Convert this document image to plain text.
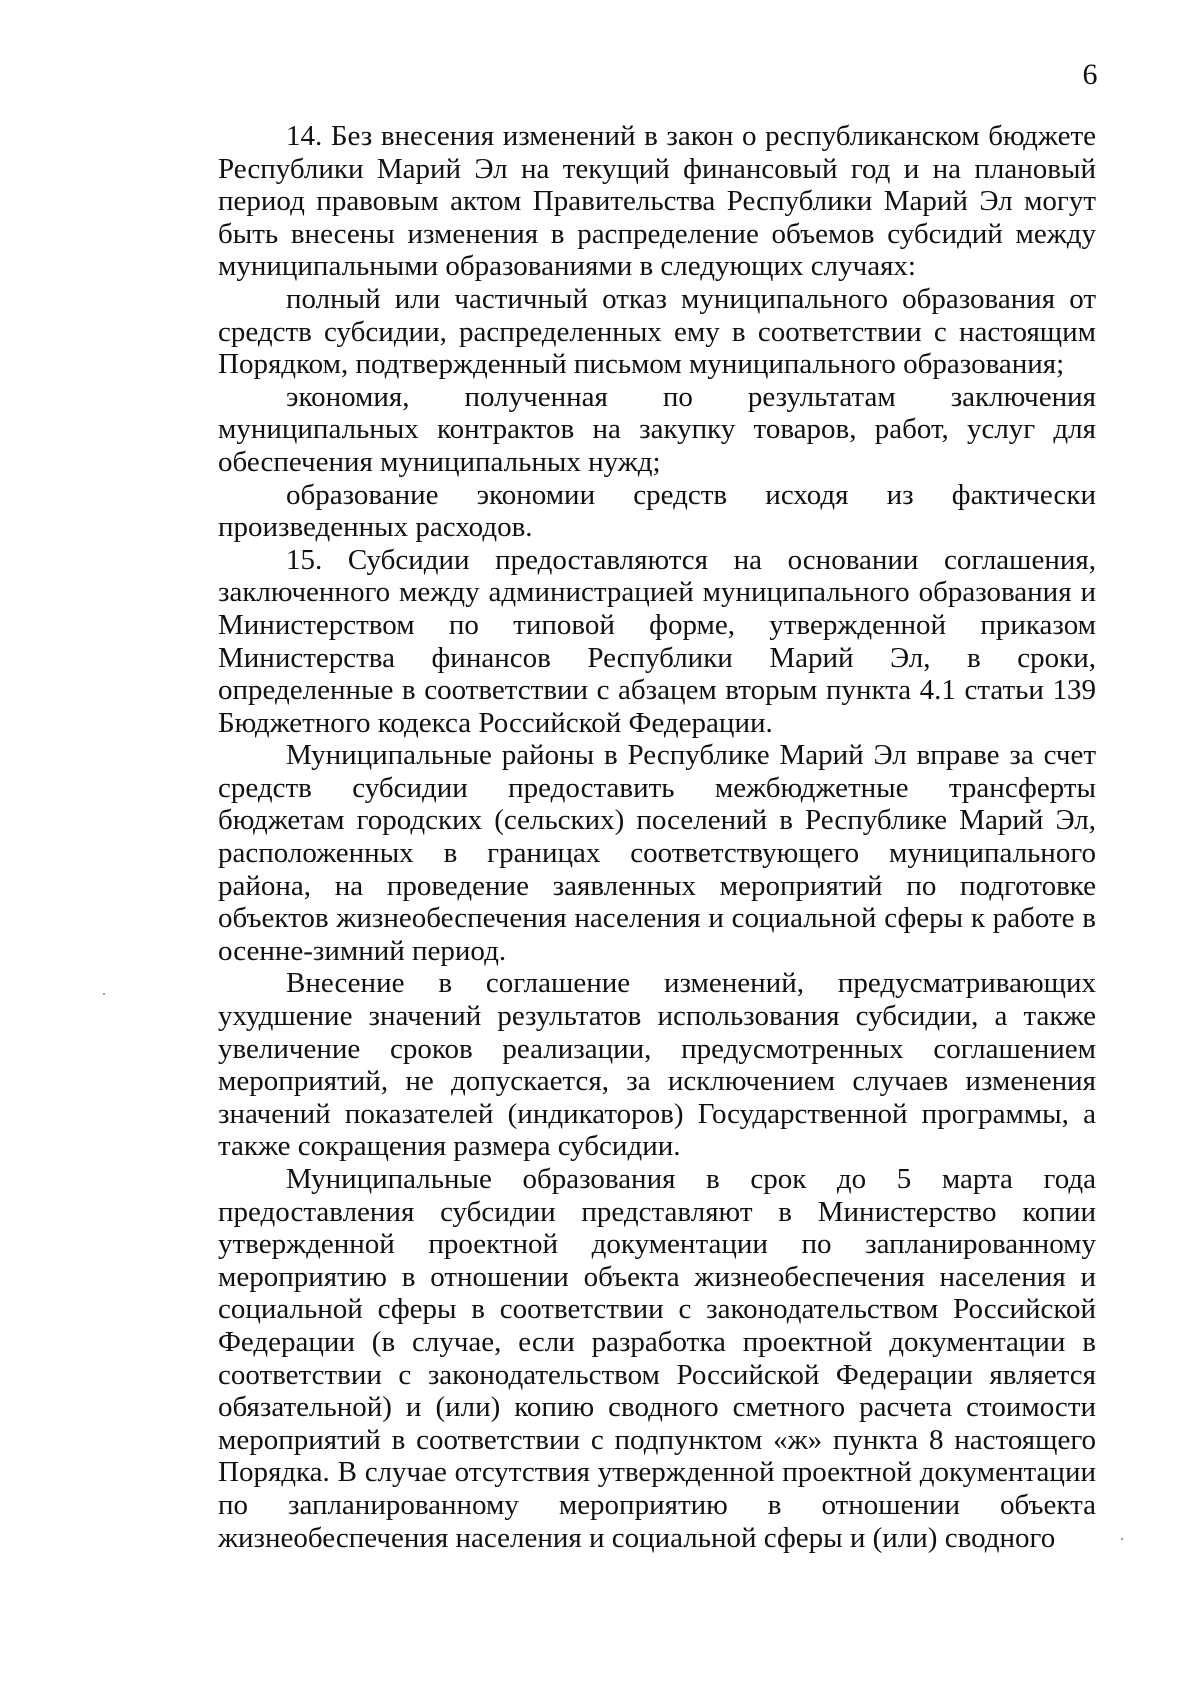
6

14. Без внесения изменений в закон о республиканском бюджете Республики Марий Эл на текущий финансовый год и на плановый период правовым актом Правительства Республики Марий Эл могут быть внесены изменения в распределение объемов субсидий между муниципальными образованиями в следующих случаях:

полный или частичный отказ муниципального образования от средств субсидии, распределенных ему в соответствии с настоящим Порядком, подтвержденный письмом муниципального образования;

экономия, полученная по результатам заключения муниципальных контрактов на закупку товаров, работ, услуг для обеспечения муниципальных нужд;

образование экономии средств исходя из фактически произведенных расходов.

15. Субсидии предоставляются на основании соглашения, заключенного между администрацией муниципального образования и Министерством по типовой форме, утвержденной приказом Министерства финансов Республики Марий Эл, в сроки, определенные в соответствии с абзацем вторым пункта 4.1 статьи 139 Бюджетного кодекса Российской Федерации.

Муниципальные районы в Республике Марий Эл вправе за счет средств субсидии предоставить межбюджетные трансферты бюджетам городских (сельских) поселений в Республике Марий Эл, расположенных в границах соответствующего муниципального района, на проведение заявленных мероприятий по подготовке объектов жизнеобеспечения населения и социальной сферы к работе в осенне-зимний период.

Внесение в соглашение изменений, предусматривающих ухудшение значений результатов использования субсидии, а также увеличение сроков реализации, предусмотренных соглашением мероприятий, не допускается, за исключением случаев изменения значений показателей (индикаторов) Государственной программы, а также сокращения размера субсидии.

Муниципальные образования в срок до 5 марта года предоставления субсидии представляют в Министерство копии утвержденной проектной документации по запланированному мероприятию в отношении объекта жизнеобеспечения населения и социальной сферы в соответствии с законодательством Российской Федерации (в случае, если разработка проектной документации в соответствии с законодательством Российской Федерации является обязательной) и (или) копию сводного сметного расчета стоимости мероприятий в соответствии с подпунктом «ж» пункта 8 настоящего Порядка. В случае отсутствия утвержденной проектной документации по запланированному мероприятию в отношении объекта жизнеобеспечения населения и социальной сферы и (или) сводного
